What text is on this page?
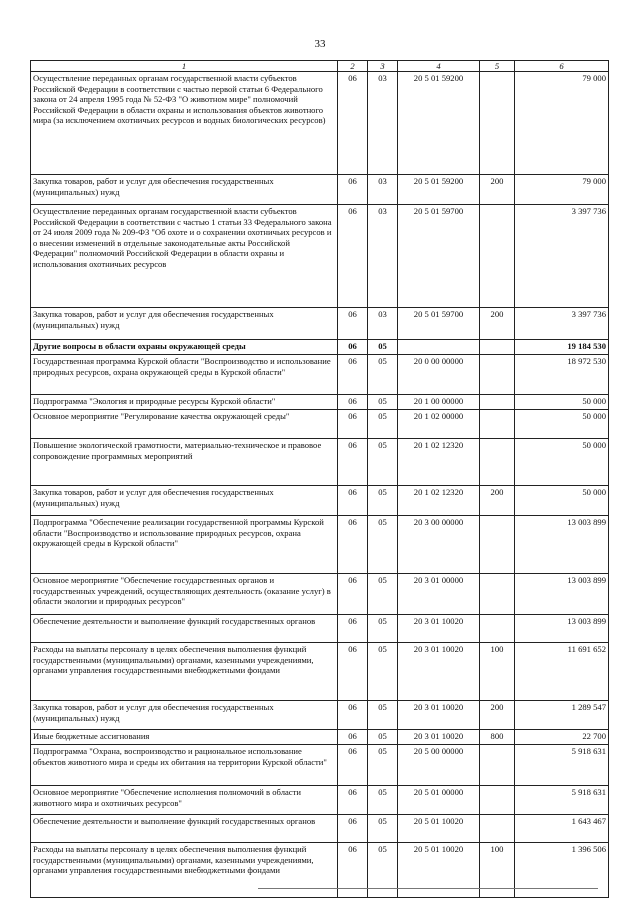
33
1	2	3	4	5	6
Осуществление переданных органам государственной власти субъектов Российской Федерации в соответствии с частью первой статьи 6 Федерального закона от 24 апреля 1995 года № 52-ФЗ "О животном мире" полномочий Российской Федерации в области охраны и использования объектов животного мира (за исключением охотничьих ресурсов и водных биологических ресурсов)	06	03	20 5 01 59200		79 000
Закупка товаров, работ и услуг для обеспечения государственных (муниципальных) нужд	06	03	20 5 01 59200	200	79 000
Осуществление переданных органам государственной власти субъектов Российской Федерации в соответствии с частью 1 статьи 33 Федерального закона от 24 июля 2009 года № 209-ФЗ "Об охоте и о сохранении охотничьих ресурсов и о внесении изменений в отдельные законодательные акты Российской Федерации" полномочий Российской Федерации в области охраны и использования охотничьих ресурсов	06	03	20 5 01 59700		3 397 736
Закупка товаров, работ и услуг для обеспечения государственных (муниципальных) нужд	06	03	20 5 01 59700	200	3 397 736
Другие вопросы в области охраны окружающей среды	06	05			19 184 530
Государственная программа Курской области "Воспроизводство и использование природных ресурсов, охрана окружающей среды в Курской области"	06	05	20 0 00 00000		18 972 530
Подпрограмма "Экология и природные ресурсы Курской области"	06	05	20 1 00 00000		50 000
Основное мероприятие "Регулирование качества окружающей среды"	06	05	20 1 02 00000		50 000
Повышение экологической грамотности, материально-техническое и правовое сопровождение программных мероприятий	06	05	20 1 02 12320		50 000
Закупка товаров, работ и услуг для обеспечения государственных (муниципальных) нужд	06	05	20 1 02 12320	200	50 000
Подпрограмма "Обеспечение реализации государственной программы Курской области "Воспроизводство и использование природных ресурсов, охрана окружающей среды в Курской области"	06	05	20 3 00 00000		13 003 899
Основное мероприятие "Обеспечение государственных органов и государственных учреждений, осуществляющих деятельность (оказание услуг) в области экологии и природных ресурсов"	06	05	20 3 01 00000		13 003 899
Обеспечение деятельности и выполнение функций государственных органов	06	05	20 3 01 10020		13 003 899
Расходы на выплаты персоналу в целях обеспечения выполнения функций государственными (муниципальными) органами, казенными учреждениями, органами управления государственными внебюджетными фондами	06	05	20 3 01 10020	100	11 691 652
Закупка товаров, работ и услуг для обеспечения государственных (муниципальных) нужд	06	05	20 3 01 10020	200	1 289 547
Иные бюджетные ассигнования	06	05	20 3 01 10020	800	22 700
Подпрограмма "Охрана, воспроизводство и рациональное использование объектов животного мира и среды их обитания на территории Курской области"	06	05	20 5 00 00000		5 918 631
Основное мероприятие "Обеспечение исполнения полномочий в области животного мира и охотничьих ресурсов"	06	05	20 5 01 00000		5 918 631
Обеспечение деятельности и выполнение функций государственных органов	06	05	20 5 01 10020		1 643 467
Расходы на выплаты персоналу в целях обеспечения выполнения функций государственными (муниципальными) органами, казенными учреждениями, органами управления государственными внебюджетными фондами	06	05	20 5 01 10020	100	1 396 506
